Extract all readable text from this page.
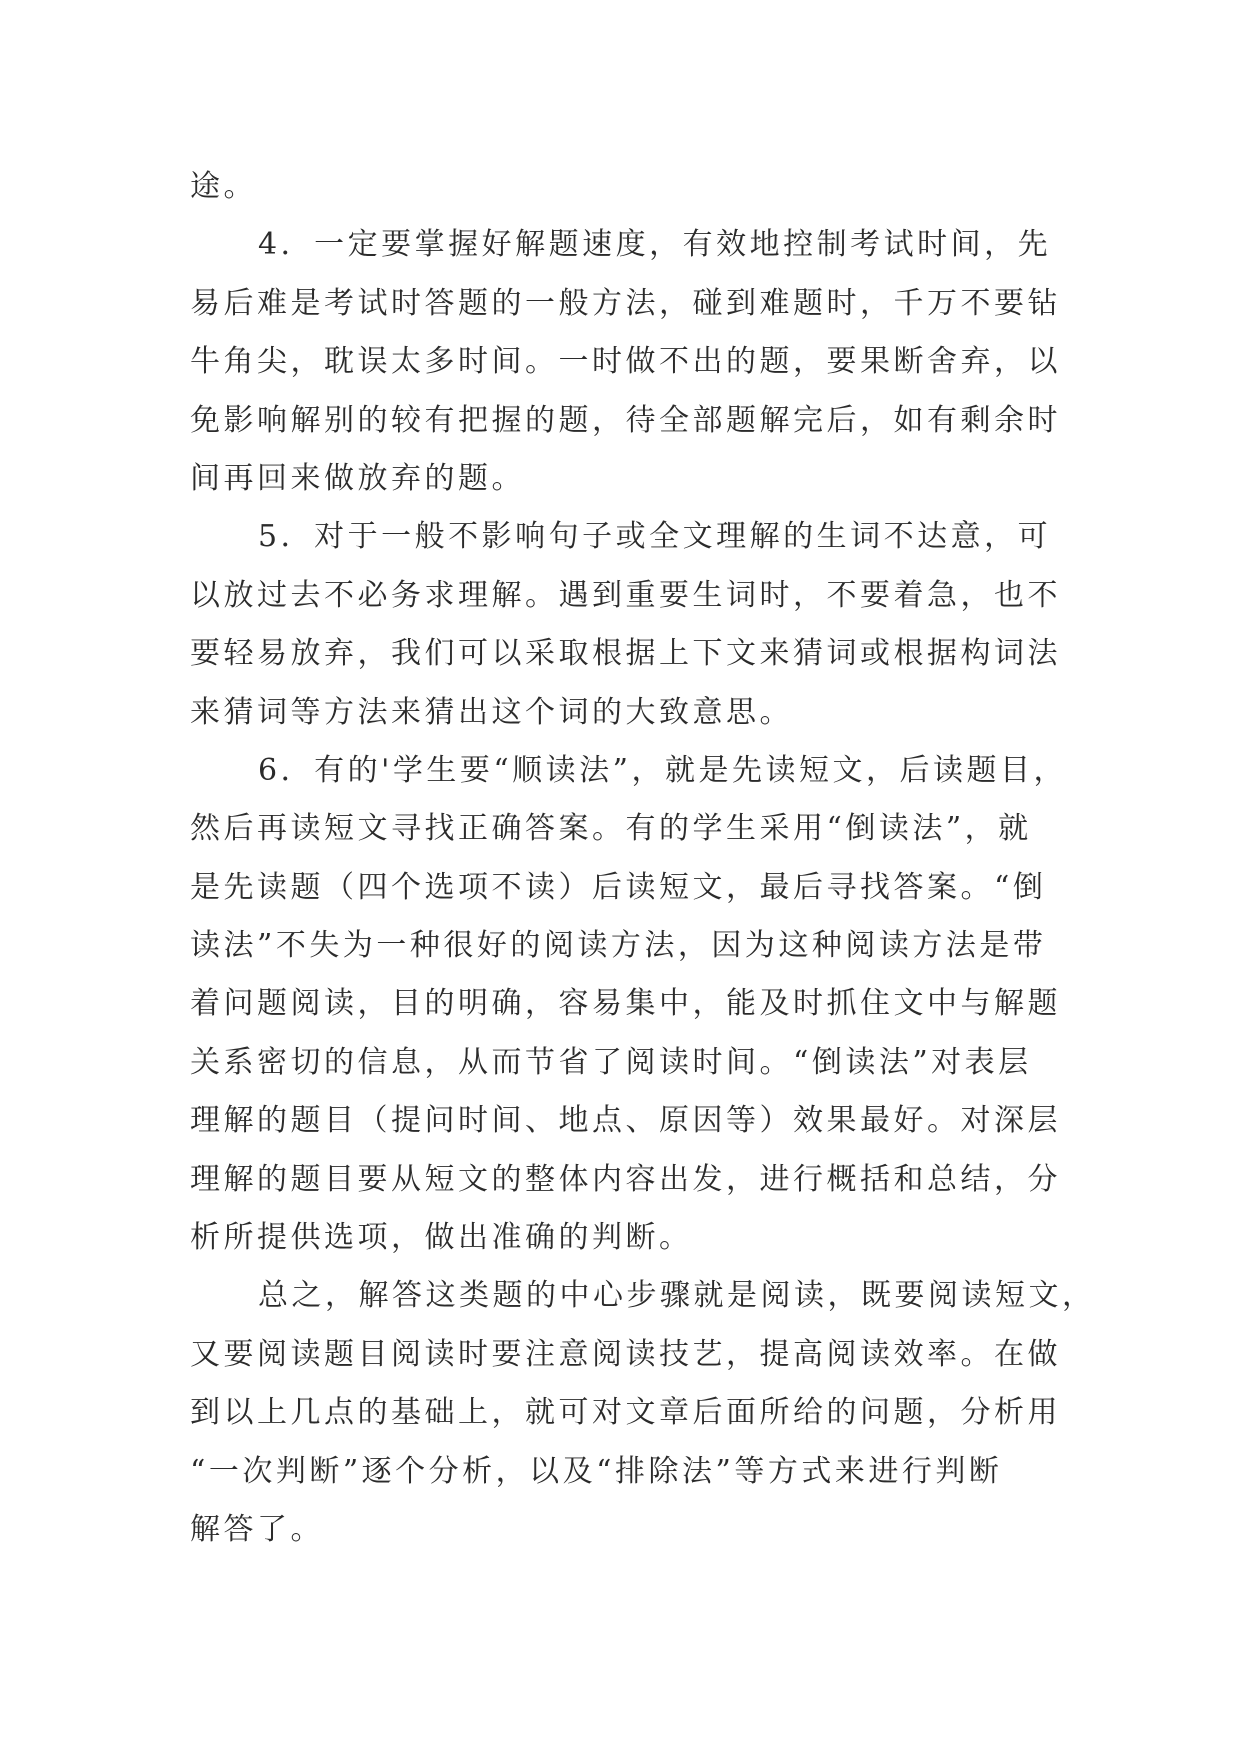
途。
4．一定要掌握好解题速度，有效地控制考试时间，先
易后难是考试时答题的一般方法，碰到难题时，千万不要钻
牛角尖，耽误太多时间。一时做不出的题，要果断舍弃，以
免影响解别的较有把握的题，待全部题解完后，如有剩余时
间再回来做放弃的题。
5．对于一般不影响句子或全文理解的生词不达意，可
以放过去不必务求理解。遇到重要生词时，不要着急，也不
要轻易放弃，我们可以采取根据上下文来猜词或根据构词法
来猜词等方法来猜出这个词的大致意思。
6．有的'学生要“顺读法”，就是先读短文，后读题目，
然后再读短文寻找正确答案。有的学生采用“倒读法”，就
是先读题（四个选项不读）后读短文，最后寻找答案。“倒
读法”不失为一种很好的阅读方法，因为这种阅读方法是带
着问题阅读，目的明确，容易集中，能及时抓住文中与解题
关系密切的信息，从而节省了阅读时间。“倒读法”对表层
理解的题目（提问时间、地点、原因等）效果最好。对深层
理解的题目要从短文的整体内容出发，进行概括和总结，分
析所提供选项，做出准确的判断。
总之，解答这类题的中心步骤就是阅读，既要阅读短文，
又要阅读题目阅读时要注意阅读技艺，提高阅读效率。在做
到以上几点的基础上，就可对文章后面所给的问题，分析用
“一次判断”逐个分析，以及“排除法”等方式来进行判断
解答了。
